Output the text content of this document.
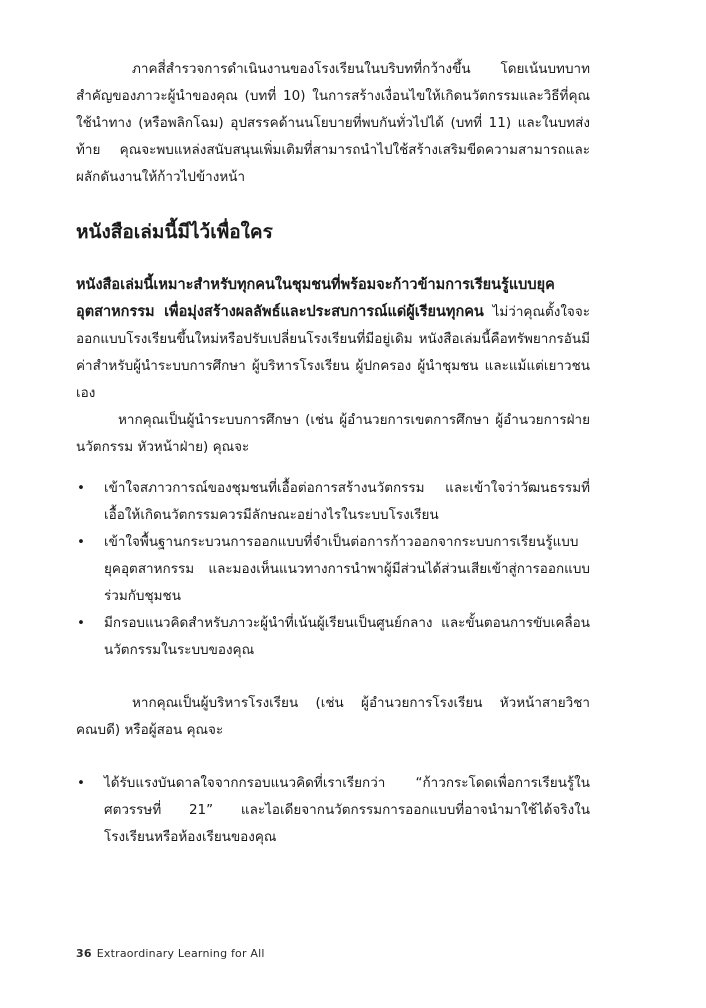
ภาคสี่สำรวจการดำเนินงานของโรงเรียนในบริบทที่กว้างขึ้น โดยเน้นบทบาทสำคัญของภาวะผู้นำของคุณ (บทที่ 10) ในการสร้างเงื่อนไขให้เกิดนวัตกรรมและวิธีที่คุณใช้นำทาง (หรือพลิกโฉม) อุปสรรคด้านนโยบายที่พบกันทั่วไปได้ (บทที่ 11) และในบทส่งท้าย คุณจะพบแหล่งสนับสนุนเพิ่มเติมที่สามารถนำไปใช้สร้างเสริมขีดความสามารถและผลักดันงานให้ก้าวไปข้างหน้า

หนังสือเล่มนี้มีไว้เพื่อใคร

หนังสือเล่มนี้เหมาะสำหรับทุกคนในชุมชนที่พร้อมจะก้าวข้ามการเรียนรู้แบบยุคอุตสาหกรรม เพื่อมุ่งสร้างผลลัพธ์และประสบการณ์แด่ผู้เรียนทุกคน ไม่ว่าคุณตั้งใจจะออกแบบโรงเรียนขึ้นใหม่หรือปรับเปลี่ยนโรงเรียนที่มีอยู่เดิม หนังสือเล่มนี้คือทรัพยากรอันมีค่าสำหรับผู้นำระบบการศึกษา ผู้บริหารโรงเรียน ผู้ปกครอง ผู้นำชุมชน และแม้แต่เยาวชนเอง

หากคุณเป็นผู้นำระบบการศึกษา (เช่น ผู้อำนวยการเขตการศึกษา ผู้อำนวยการฝ่ายนวัตกรรม หัวหน้าฝ่าย) คุณจะ

• เข้าใจสภาวการณ์ของชุมชนที่เอื้อต่อการสร้างนวัตกรรม และเข้าใจว่าวัฒนธรรมที่เอื้อให้เกิดนวัตกรรมควรมีลักษณะอย่างไรในระบบโรงเรียน
• เข้าใจพื้นฐานกระบวนการออกแบบที่จำเป็นต่อการก้าวออกจากระบบการเรียนรู้แบบยุคอุตสาหกรรม และมองเห็นแนวทางการนำพาผู้มีส่วนได้ส่วนเสียเข้าสู่การออกแบบร่วมกับชุมชน
• มีกรอบแนวคิดสำหรับภาวะผู้นำที่เน้นผู้เรียนเป็นศูนย์กลาง และขั้นตอนการขับเคลื่อนนวัตกรรมในระบบของคุณ

หากคุณเป็นผู้บริหารโรงเรียน (เช่น ผู้อำนวยการโรงเรียน หัวหน้าสายวิชา คณบดี) หรือผู้สอน คุณจะ

• ได้รับแรงบันดาลใจจากกรอบแนวคิดที่เราเรียกว่า “ก้าวกระโดดเพื่อการเรียนรู้ในศตวรรษที่ 21” และไอเดียจากนวัตกรรมการออกแบบที่อาจนำมาใช้ได้จริงในโรงเรียนหรือห้องเรียนของคุณ
36 Extraordinary Learning for All
